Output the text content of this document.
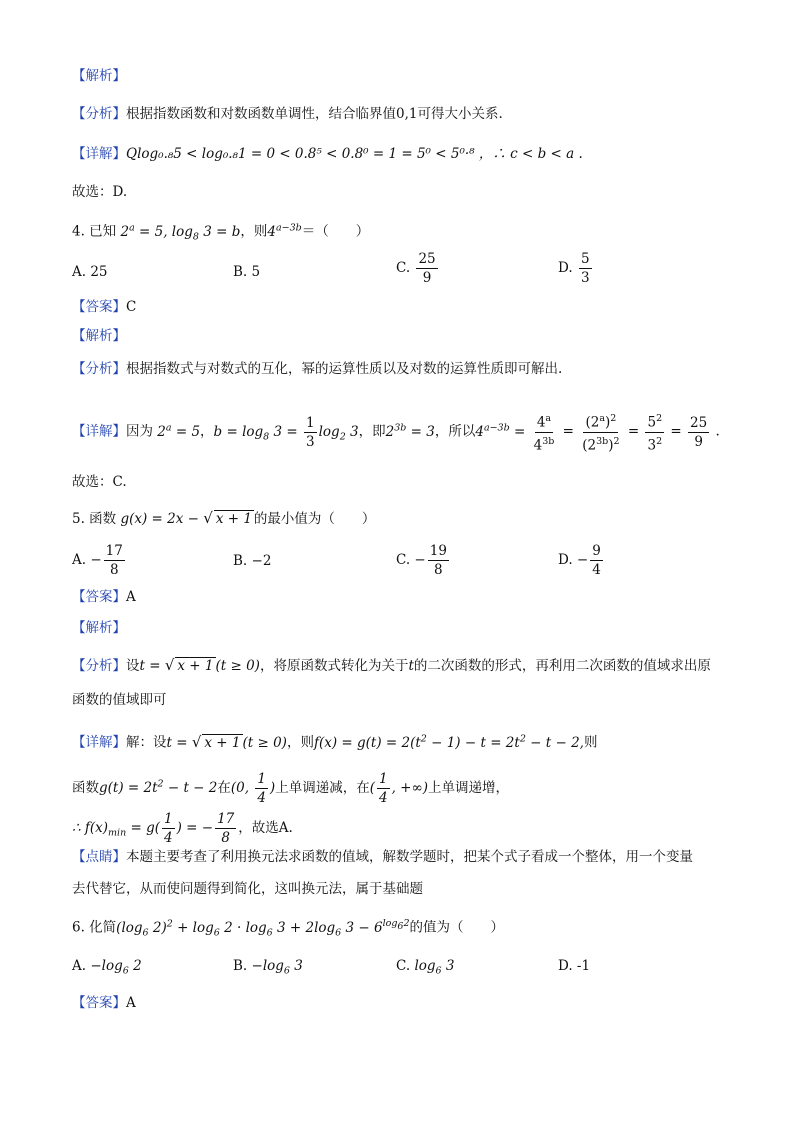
【解析】
【分析】根据指数函数和对数函数单调性，结合临界值0,1可得大小关系.
【详解】Qlog₀.₈5 < log₀.₈1 = 0 < 0.8⁵ < 0.8⁰ = 1 = 5⁰ < 5⁰·⁸ ，∴ c < b < a .
故选：D.
4. 已知 $2^a = 5$, $\log_8 3 = b$，则$4^{a-3b}=$（　　）
A. 25	B. 5	C. $\frac{25}{9}$	D. $\frac{5}{3}$
【答案】C
【解析】
【分析】根据指数式与对数式的互化，幂的运算性质以及对数的运算性质即可解出.
【详解】因为 $2^a = 5$，$b = \log_8 3 = \frac{1}{3} \log_2 3$，即$2^{3b} = 3$，所以$4^{a-3b} = \frac{4^a}{4^{3b}} = \frac{(2^a)^2}{(2^{3b})^2} = \frac{5^2}{3^2} = \frac{25}{9}$ .
故选：C.
5. 函数 g(x) = 2x − √ x + 1 的最小值为（　　）
A. − $\frac{17}{8}$	B. −2	C. − $\frac{19}{8}$	D. − $\frac{9}{4}$
【答案】A
【解析】
【分析】设t = √ x + 1 (t ≥ 0)，将原函数式转化为关于t的二次函数的形式，再利用二次函数的值域求出原
函数的值域即可
【详解】解：设t = √ x + 1 (t ≥ 0)，则$f(x) = g(t) = 2(t^2 - 1) - t = 2t^2 - t - 2$,则
函数$g(t) = 2t^2 - t - 2$在(0, $\frac{1}{4}$ )上单调递减，在( $\frac{1}{4}$ , +∞)上单调递增，
∴ $f(x)_{min} = g( \frac{1}{4}$ ) = − $\frac{17}{8}$ ，故选A.
【点睛】本题主要考查了利用换元法求函数的值域，解数学题时，把某个式子看成一个整体，用一个变量
去代替它，从而使问题得到简化，这叫换元法，属于基础题
6. 化简($\log_6$ $2)^2 + \log_6 2 \cdot \log_6 3 + 2\log_6$ $3 - 6^{log_62}$的值为（　　）
A. $-\log_6$ 2	B. $-\log_6$ 3	C. $\log_6 3$	D. -1
【答案】A
